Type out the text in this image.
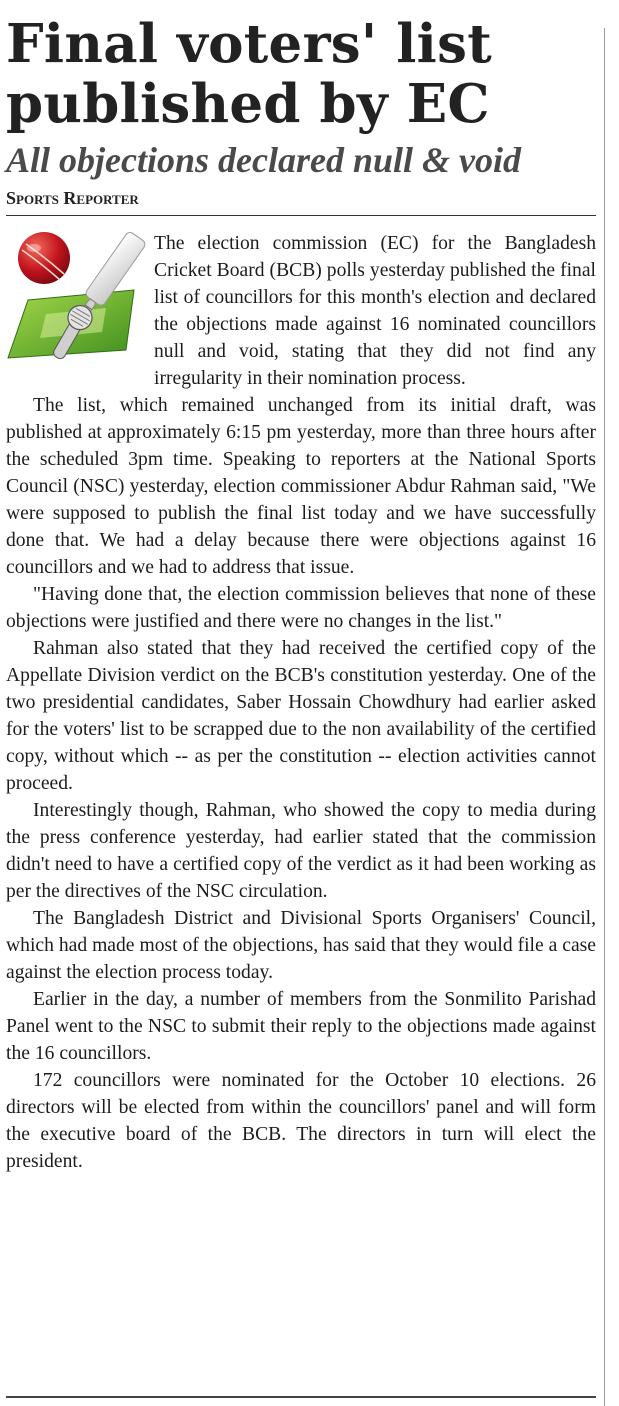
Final voters' list published by EC
All objections declared null & void
Sports Reporter

The election commission (EC) for the Bangladesh Cricket Board (BCB) polls yesterday published the final list of councillors for this month's election and declared the objections made against 16 nominated councillors null and void, stating that they did not find any irregularity in their nomination process.

The list, which remained unchanged from its initial draft, was published at approximately 6:15 pm yesterday, more than three hours after the scheduled 3pm time. Speaking to reporters at the National Sports Council (NSC) yesterday, election commissioner Abdur Rahman said, "We were supposed to publish the final list today and we have successfully done that. We had a delay because there were objections against 16 councillors and we had to address that issue.

"Having done that, the election commission believes that none of these objections were justified and there were no changes in the list."

Rahman also stated that they had received the certified copy of the Appellate Division verdict on the BCB's constitution yesterday. One of the two presidential candidates, Saber Hossain Chowdhury had earlier asked for the voters' list to be scrapped due to the non availability of the certified copy, without which -- as per the constitution -- election activities cannot proceed.

Interestingly though, Rahman, who showed the copy to media during the press conference yesterday, had earlier stated that the commission didn't need to have a certified copy of the verdict as it had been working as per the directives of the NSC circulation.

The Bangladesh District and Divisional Sports Organisers' Council, which had made most of the objections, has said that they would file a case against the election process today.

Earlier in the day, a number of members from the Sonmilito Parishad Panel went to the NSC to submit their reply to the objections made against the 16 councillors.

172 councillors were nominated for the October 10 elections. 26 directors will be elected from within the councillors' panel and will form the executive board of the BCB. The directors in turn will elect the president.
